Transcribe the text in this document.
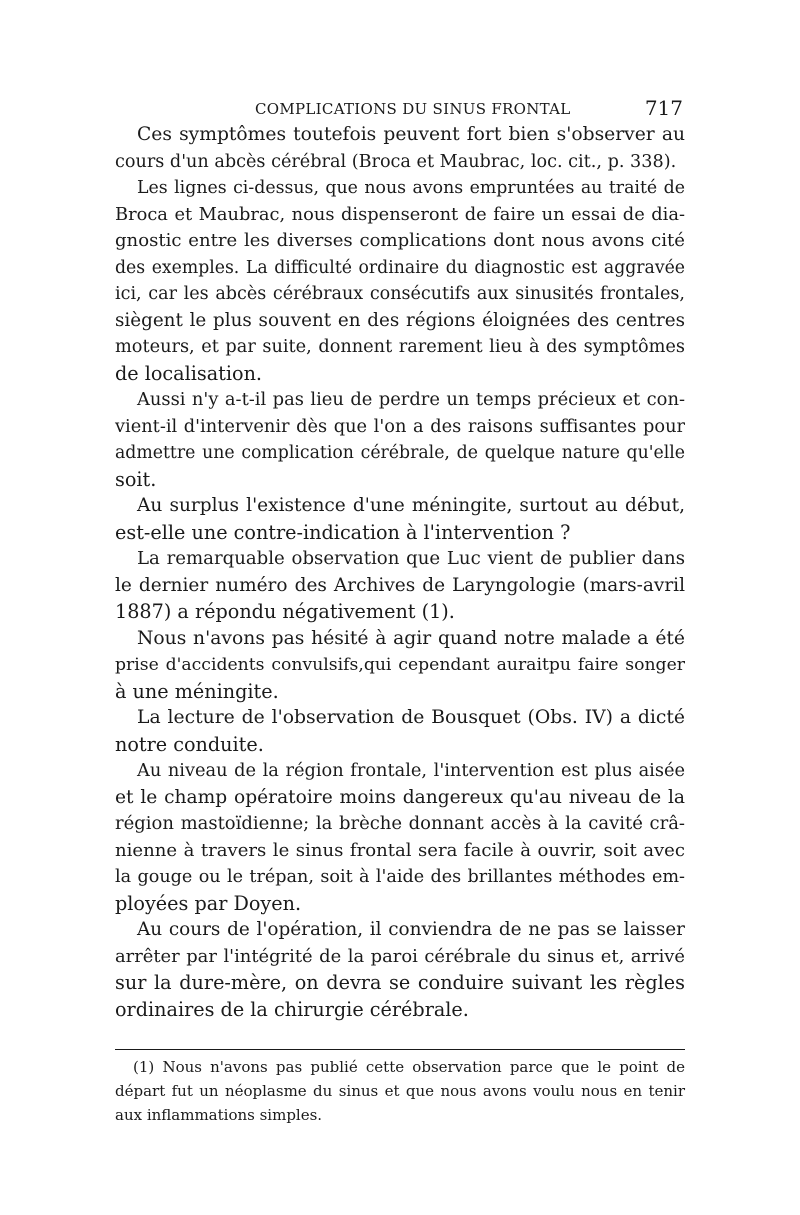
COMPLICATIONS DU SINUS FRONTAL	717

Ces symptômes toutefois peuvent fort bien s'observer au
cours d'un abcès cérébral (Broca et Maubrac, loc. cit., p. 338).

Les lignes ci-dessus, que nous avons empruntées au traité de
Broca et Maubrac, nous dispenseront de faire un essai de dia-
gnostic entre les diverses complications dont nous avons cité
des exemples. La difficulté ordinaire du diagnostic est aggravée
ici, car les abcès cérébraux consécutifs aux sinusités frontales,
siègent le plus souvent en des régions éloignées des centres
moteurs, et par suite, donnent rarement lieu à des symptômes
de localisation.

Aussi n'y a-t-il pas lieu de perdre un temps précieux et con-
vient-il d'intervenir dès que l'on a des raisons suffisantes pour
admettre une complication cérébrale, de quelque nature qu'elle
soit.

Au surplus l'existence d'une méningite, surtout au début,
est-elle une contre-indication à l'intervention ?

La remarquable observation que Luc vient de publier dans
le dernier numéro des Archives de Laryngologie (mars-avril
1887) a répondu négativement (1).

Nous n'avons pas hésité à agir quand notre malade a été
prise d'accidents convulsifs,qui cependant auraitpu faire songer
à une méningite.

La lecture de l'observation de Bousquet (Obs. IV) a dicté
notre conduite.

Au niveau de la région frontale, l'intervention est plus aisée
et le champ opératoire moins dangereux qu'au niveau de la
région mastoïdienne; la brèche donnant accès à la cavité crâ-
nienne à travers le sinus frontal sera facile à ouvrir, soit avec
la gouge ou le trépan, soit à l'aide des brillantes méthodes em-
ployées par Doyen.

Au cours de l'opération, il conviendra de ne pas se laisser
arrêter par l'intégrité de la paroi cérébrale du sinus et, arrivé
sur la dure-mère, on devra se conduire suivant les règles
ordinaires de la chirurgie cérébrale.

(1) Nous n'avons pas publié cette observation parce que le point de
départ fut un néoplasme du sinus et que nous avons voulu nous en tenir
aux inflammations simples.
